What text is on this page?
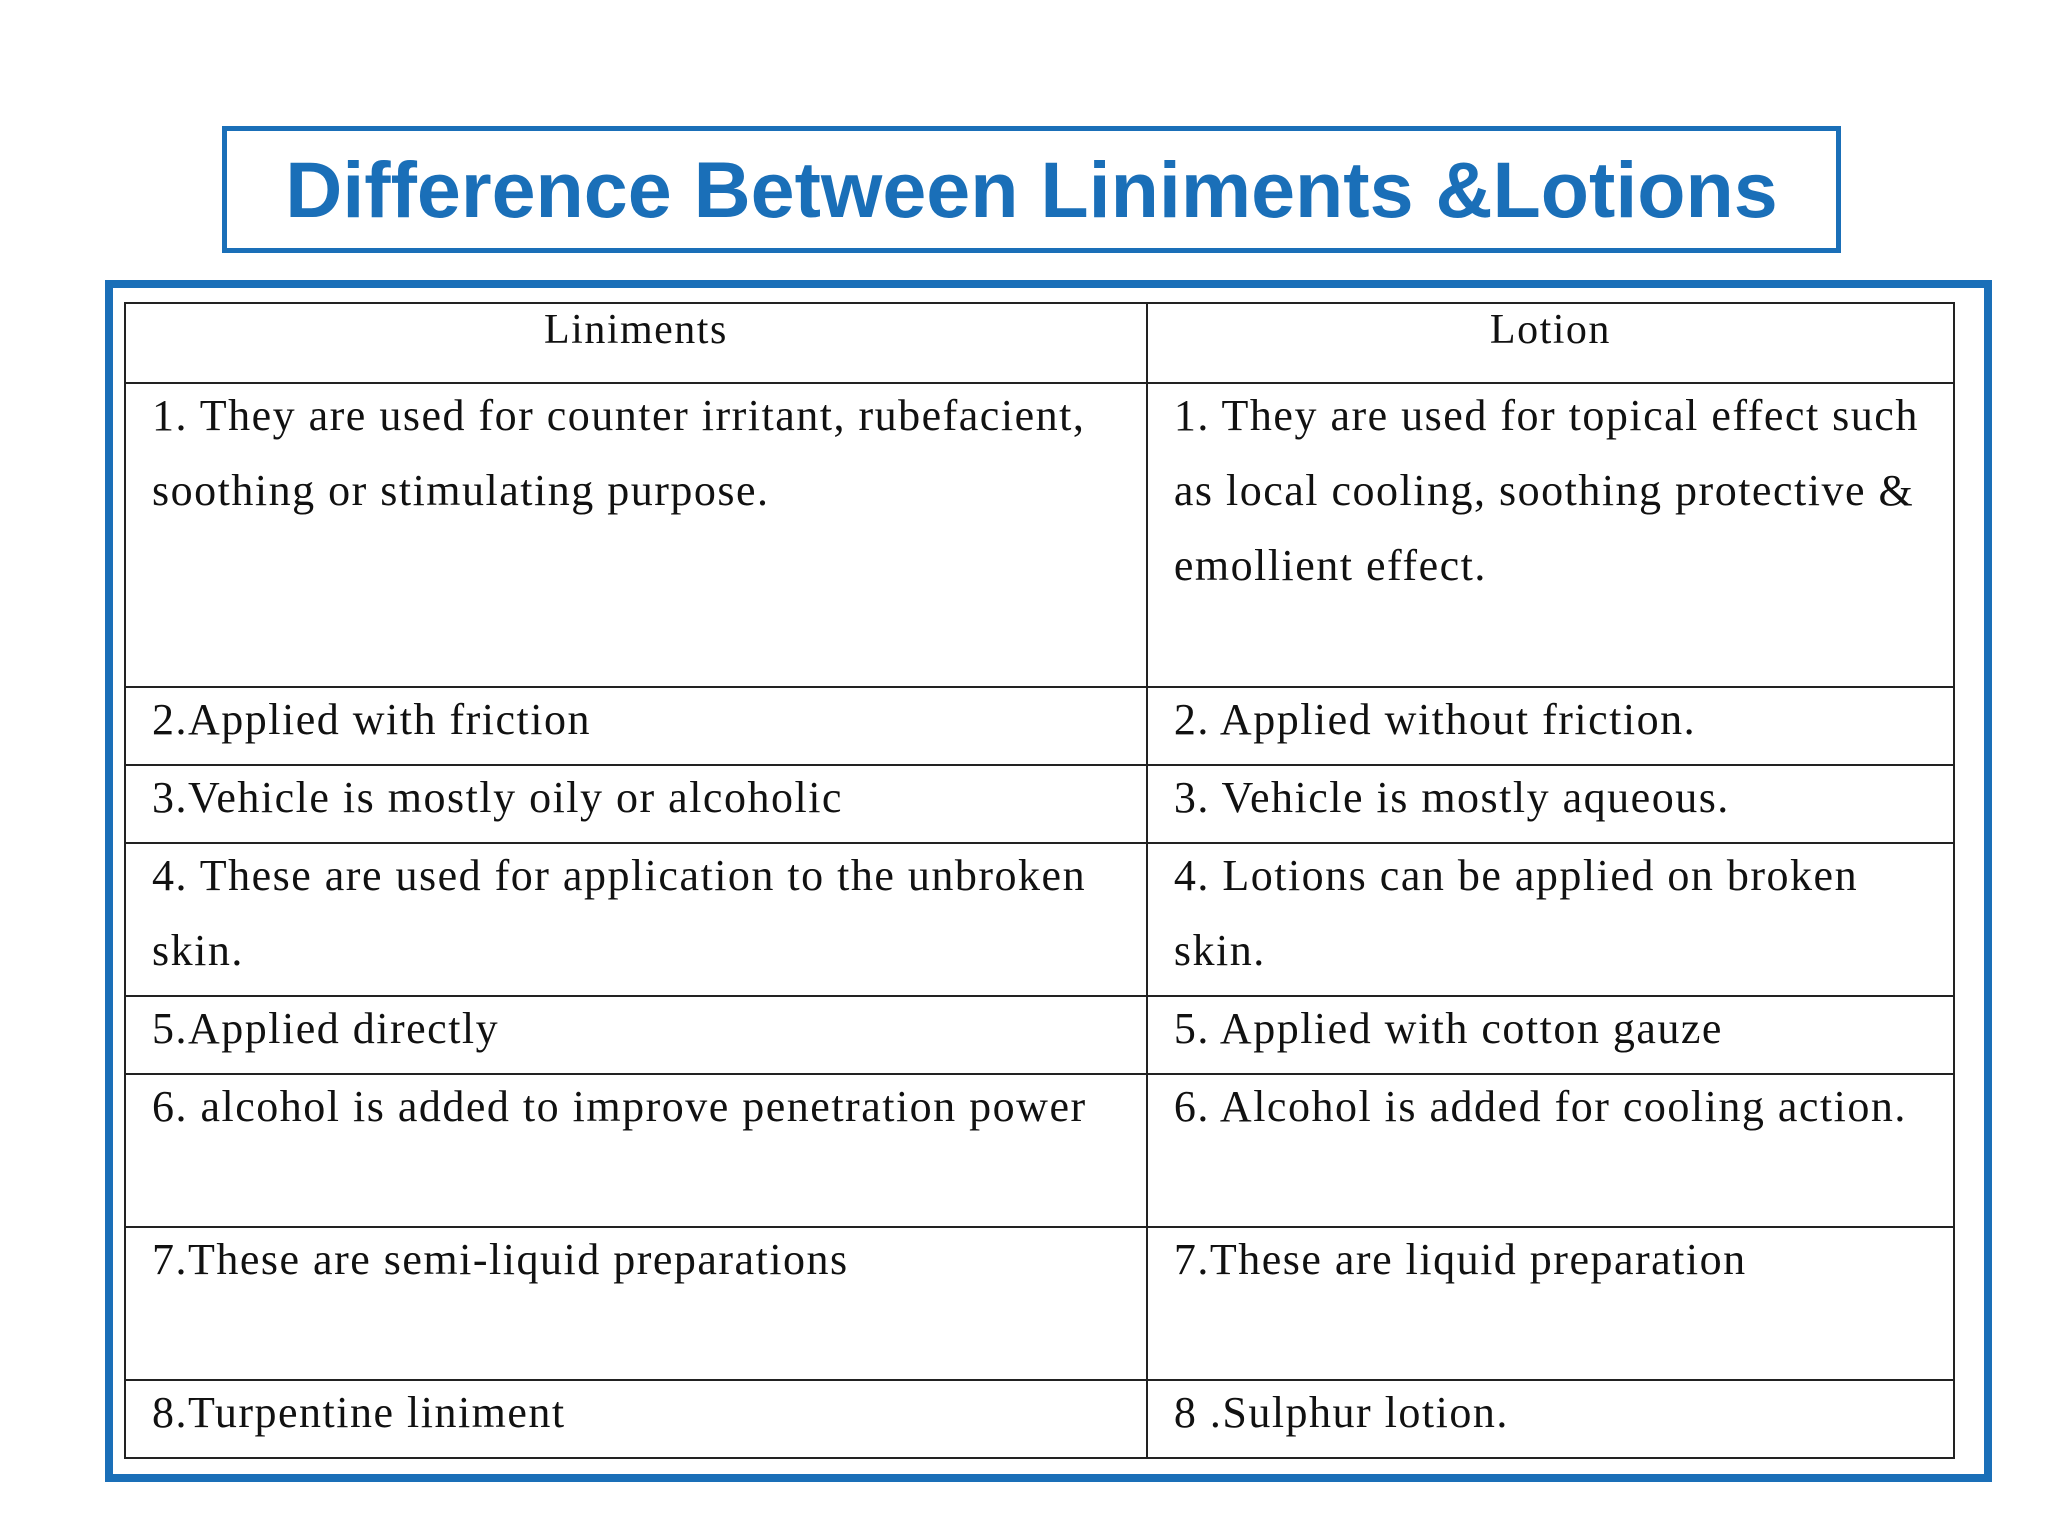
Difference Between Liniments &Lotions
Liniments	Lotion

1. They are used for counter irritant, rubefacient, soothing or stimulating purpose.	1. They are used for topical effect such as local cooling, soothing protective & emollient effect.

2.Applied with friction	2. Applied without friction.

3.Vehicle is mostly oily or alcoholic	3. Vehicle is mostly aqueous.

4. These are used for application to the unbroken skin.	4. Lotions can be applied on broken skin.

5.Applied directly	5. Applied with cotton gauze

6. alcohol is added to improve penetration power	6. Alcohol is added for cooling action.

7.These are semi-liquid preparations	7.These are liquid preparation

8.Turpentine liniment	8 .Sulphur lotion.
